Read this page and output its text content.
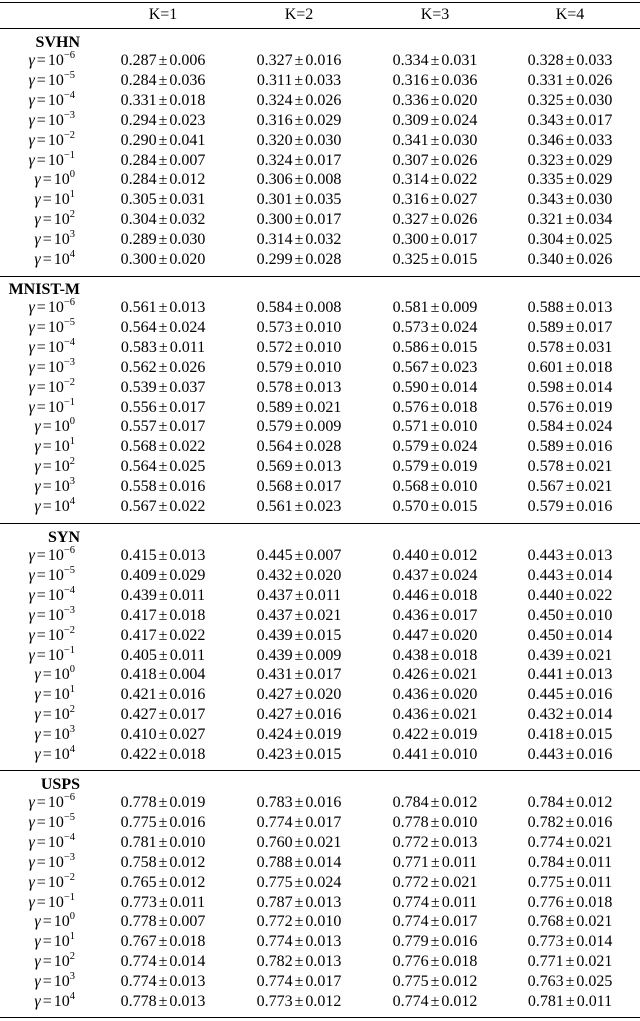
K=1	K=2	K=3	K=4
SVHN
$\gamma = 10^{-6}$	0.287 ± 0.006	0.327 ± 0.016	0.334 ± 0.031	0.328 ± 0.033
$\gamma = 10^{-5}$	0.284 ± 0.036	0.311 ± 0.033	0.316 ± 0.036	0.331 ± 0.026
$\gamma = 10^{-4}$	0.331 ± 0.018	0.324 ± 0.026	0.336 ± 0.020	0.325 ± 0.030
$\gamma = 10^{-3}$	0.294 ± 0.023	0.316 ± 0.029	0.309 ± 0.024	0.343 ± 0.017
$\gamma = 10^{-2}$	0.290 ± 0.041	0.320 ± 0.030	0.341 ± 0.030	0.346 ± 0.033
$\gamma = 10^{-1}$	0.284 ± 0.007	0.324 ± 0.017	0.307 ± 0.026	0.323 ± 0.029
$\gamma = 10^0$	0.284 ± 0.012	0.306 ± 0.008	0.314 ± 0.022	0.335 ± 0.029
$\gamma = 10^1$	0.305 ± 0.031	0.301 ± 0.035	0.316 ± 0.027	0.343 ± 0.030
$\gamma = 10^2$	0.304 ± 0.032	0.300 ± 0.017	0.327 ± 0.026	0.321 ± 0.034
$\gamma = 10^3$	0.289 ± 0.030	0.314 ± 0.032	0.300 ± 0.017	0.304 ± 0.025
$\gamma = 10^4$	0.300 ± 0.020	0.299 ± 0.028	0.325 ± 0.015	0.340 ± 0.026
MNIST-M
$\gamma = 10^{-6}$	0.561 ± 0.013	0.584 ± 0.008	0.581 ± 0.009	0.588 ± 0.013
$\gamma = 10^{-5}$	0.564 ± 0.024	0.573 ± 0.010	0.573 ± 0.024	0.589 ± 0.017
$\gamma = 10^{-4}$	0.583 ± 0.011	0.572 ± 0.010	0.586 ± 0.015	0.578 ± 0.031
$\gamma = 10^{-3}$	0.562 ± 0.026	0.579 ± 0.010	0.567 ± 0.023	0.601 ± 0.018
$\gamma = 10^{-2}$	0.539 ± 0.037	0.578 ± 0.013	0.590 ± 0.014	0.598 ± 0.014
$\gamma = 10^{-1}$	0.556 ± 0.017	0.589 ± 0.021	0.576 ± 0.018	0.576 ± 0.019
$\gamma = 10^0$	0.557 ± 0.017	0.579 ± 0.009	0.571 ± 0.010	0.584 ± 0.024
$\gamma = 10^1$	0.568 ± 0.022	0.564 ± 0.028	0.579 ± 0.024	0.589 ± 0.016
$\gamma = 10^2$	0.564 ± 0.025	0.569 ± 0.013	0.579 ± 0.019	0.578 ± 0.021
$\gamma = 10^3$	0.558 ± 0.016	0.568 ± 0.017	0.568 ± 0.010	0.567 ± 0.021
$\gamma = 10^4$	0.567 ± 0.022	0.561 ± 0.023	0.570 ± 0.015	0.579 ± 0.016
SYN
$\gamma = 10^{-6}$	0.415 ± 0.013	0.445 ± 0.007	0.440 ± 0.012	0.443 ± 0.013
$\gamma = 10^{-5}$	0.409 ± 0.029	0.432 ± 0.020	0.437 ± 0.024	0.443 ± 0.014
$\gamma = 10^{-4}$	0.439 ± 0.011	0.437 ± 0.011	0.446 ± 0.018	0.440 ± 0.022
$\gamma = 10^{-3}$	0.417 ± 0.018	0.437 ± 0.021	0.436 ± 0.017	0.450 ± 0.010
$\gamma = 10^{-2}$	0.417 ± 0.022	0.439 ± 0.015	0.447 ± 0.020	0.450 ± 0.014
$\gamma = 10^{-1}$	0.405 ± 0.011	0.439 ± 0.009	0.438 ± 0.018	0.439 ± 0.021
$\gamma = 10^0$	0.418 ± 0.004	0.431 ± 0.017	0.426 ± 0.021	0.441 ± 0.013
$\gamma = 10^1$	0.421 ± 0.016	0.427 ± 0.020	0.436 ± 0.020	0.445 ± 0.016
$\gamma = 10^2$	0.427 ± 0.017	0.427 ± 0.016	0.436 ± 0.021	0.432 ± 0.014
$\gamma = 10^3$	0.410 ± 0.027	0.424 ± 0.019	0.422 ± 0.019	0.418 ± 0.015
$\gamma = 10^4$	0.422 ± 0.018	0.423 ± 0.015	0.441 ± 0.010	0.443 ± 0.016
USPS
$\gamma = 10^{-6}$	0.778 ± 0.019	0.783 ± 0.016	0.784 ± 0.012	0.784 ± 0.012
$\gamma = 10^{-5}$	0.775 ± 0.016	0.774 ± 0.017	0.778 ± 0.010	0.782 ± 0.016
$\gamma = 10^{-4}$	0.781 ± 0.010	0.760 ± 0.021	0.772 ± 0.013	0.774 ± 0.021
$\gamma = 10^{-3}$	0.758 ± 0.012	0.788 ± 0.014	0.771 ± 0.011	0.784 ± 0.011
$\gamma = 10^{-2}$	0.765 ± 0.012	0.775 ± 0.024	0.772 ± 0.021	0.775 ± 0.011
$\gamma = 10^{-1}$	0.773 ± 0.011	0.787 ± 0.013	0.774 ± 0.011	0.776 ± 0.018
$\gamma = 10^0$	0.778 ± 0.007	0.772 ± 0.010	0.774 ± 0.017	0.768 ± 0.021
$\gamma = 10^1$	0.767 ± 0.018	0.774 ± 0.013	0.779 ± 0.016	0.773 ± 0.014
$\gamma = 10^2$	0.774 ± 0.014	0.782 ± 0.013	0.776 ± 0.018	0.771 ± 0.021
$\gamma = 10^3$	0.774 ± 0.013	0.774 ± 0.017	0.775 ± 0.012	0.763 ± 0.025
$\gamma = 10^4$	0.778 ± 0.013	0.773 ± 0.012	0.774 ± 0.012	0.781 ± 0.011
